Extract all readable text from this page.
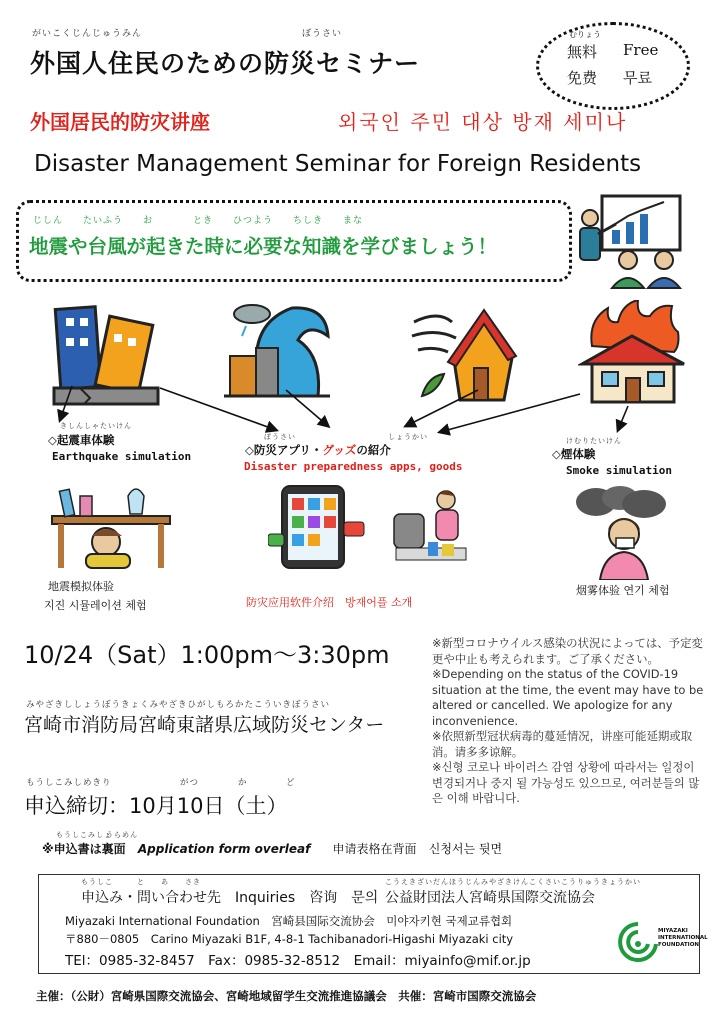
がいこくじんじゅうみん	ぼうさい
外国人住民のための防災セミナー
むりょう
無料 Free
免费 무료
外国居民的防灾讲座	외국인 주민 대상 방재 세미나
Disaster Management Seminar for Foreign Residents
じしん　　たいふう　　お　　　　とき　　ひつよう　　ちしき　　まな
地震や台風が起きた時に必要な知識を学びましょう！
きしんしゃたいけん
◇起震車体験
Earthquake simulation
ぼうさい	しょうかい
◇防災アプリ・グッズの紹介
Disaster preparedness apps, goods
けむりたいけん
◇煙体験
Smoke simulation
地震模拟体验
지진 시뮬레이션 체험	防灾应用软件介绍　방재어플 소개
烟雾体验 연기 체험
10/24（Sat）1:00pm～3:30pm	※新型コロナウイルス感染の状況によっては、予定変更や中止も考えられます。ご了承ください。
※Depending on the status of the COVID-19 situation at the time, the event may have to be altered or cancelled. We apologize for any inconvenience.
※依照新型冠状病毒的蔓延情况，讲座可能延期或取消。请多多谅解。
※신형 코로나 바이러스 감염 상황에 따라서는 일정이 변경되거나 중지 될 가능성도 있으므로, 여러분들의 많은 이해 바랍니다.
みやざきししょうぼうきょくみやざきひがしもろかたこういきぼうさい
宮崎市消防局宮崎東諸県広域防災センター
もうしこみしめきり	がつ	か	ど
申込締切：10月10日（土）
もうしこみしょ
うらめん
※申込書は裏面 Application form overleaf 申请表格在背面 신청서는 뒷면
もうしこ　　　と　　あ　　さき	こうえきざいだんほうじんみやざきけんこくさいこうりゅうきょうかい
申込み・問い合わせ先　Inquiries　咨询　문의 公益財団法人宮崎県国際交流協会
Miyazaki International Foundation　宮崎县国际交流协会　미야자키현 국제교류협회
〒880－0805　Carino Miyazaki B1F, 4-8-1 Tachibanadori-Higashi Miyazaki city
TEl：0985-32-8457　Fax：0985-32-8512　Email：miyainfo@mif.or.jp
MIYAZAKI
INTERNATIONAL
FOUNDATION
主催：（公財）宮崎県国際交流協会、宮崎地域留学生交流推進協議会　共催：宮崎市国際交流協会
